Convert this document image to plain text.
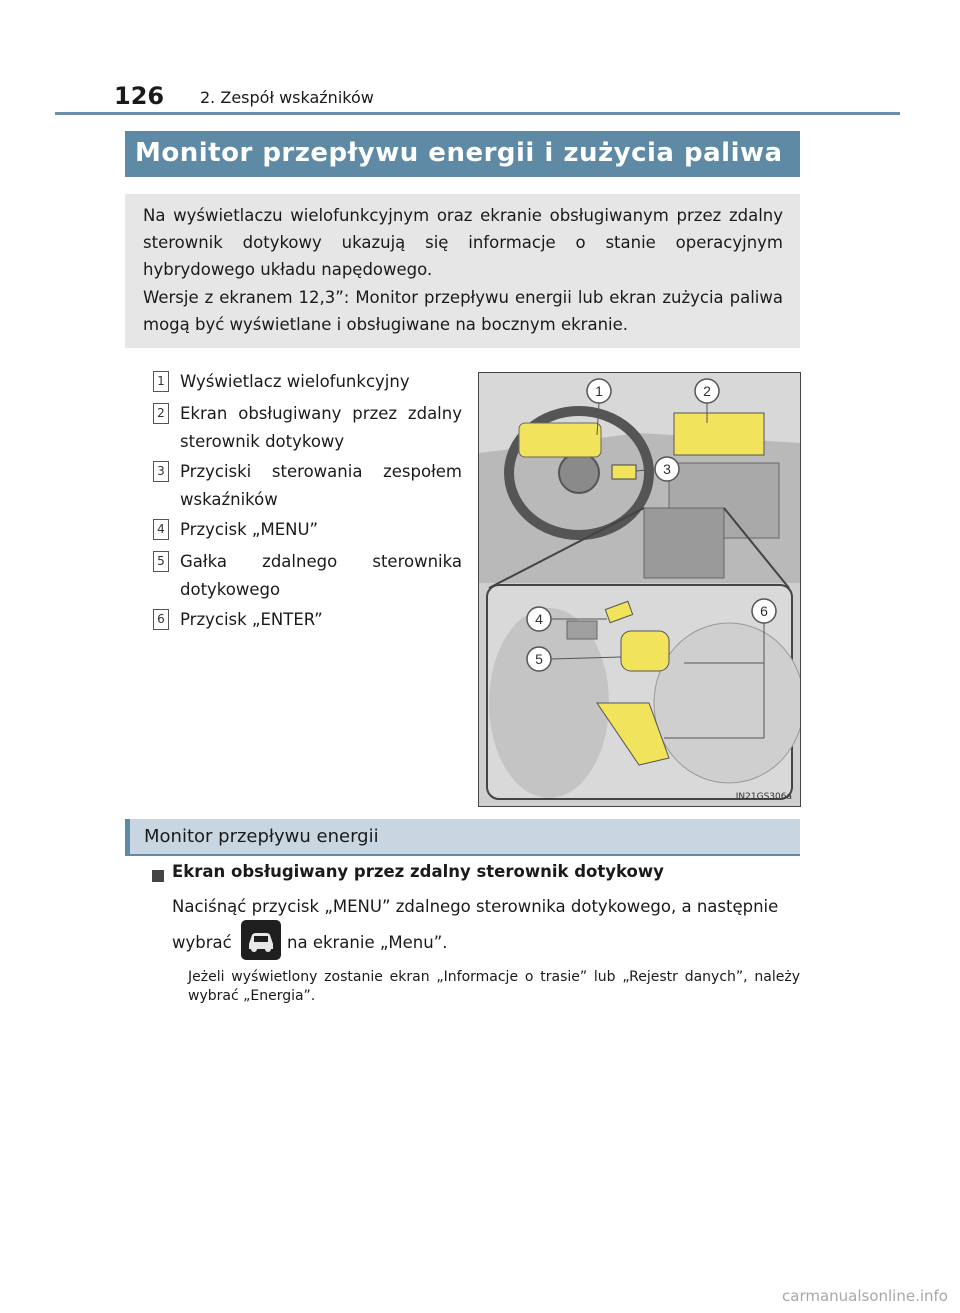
126 2. Zespół wskaźników
Monitor przepływu energii i zużycia paliwa

Na wyświetlaczu wielofunkcyjnym oraz ekranie obsługiwanym przez zdalny sterownik dotykowy ukazują się informacje o stanie operacyjnym hybrydowego układu napędowego.

Wersje z ekranem 12,3”: Monitor przepływu energii lub ekran zużycia paliwa mogą być wyświetlane i obsługiwane na bocznym ekranie.

1 Wyświetlacz wielofunkcyjny
2 Ekran obsługiwany przez zdalny sterownik dotykowy
3 Przyciski sterowania zespołem wskaźników
4 Przycisk „MENU”
5 Gałka zdalnego sterownika dotykowego
6 Przycisk „ENTER”
1	2
3
4
5
6
IN21GS306a
Monitor przepływu energii
Ekran obsługiwany przez zdalny sterownik dotykowy
Naciśnąć przycisk „MENU” zdalnego sterownika dotykowego, a następnie
wybrać	na ekranie „Menu”.
Jeżeli wyświetlony zostanie ekran „Informacje o trasie” lub „Rejestr danych”, należy wybrać „Energia”.
carmanualsonline.info
